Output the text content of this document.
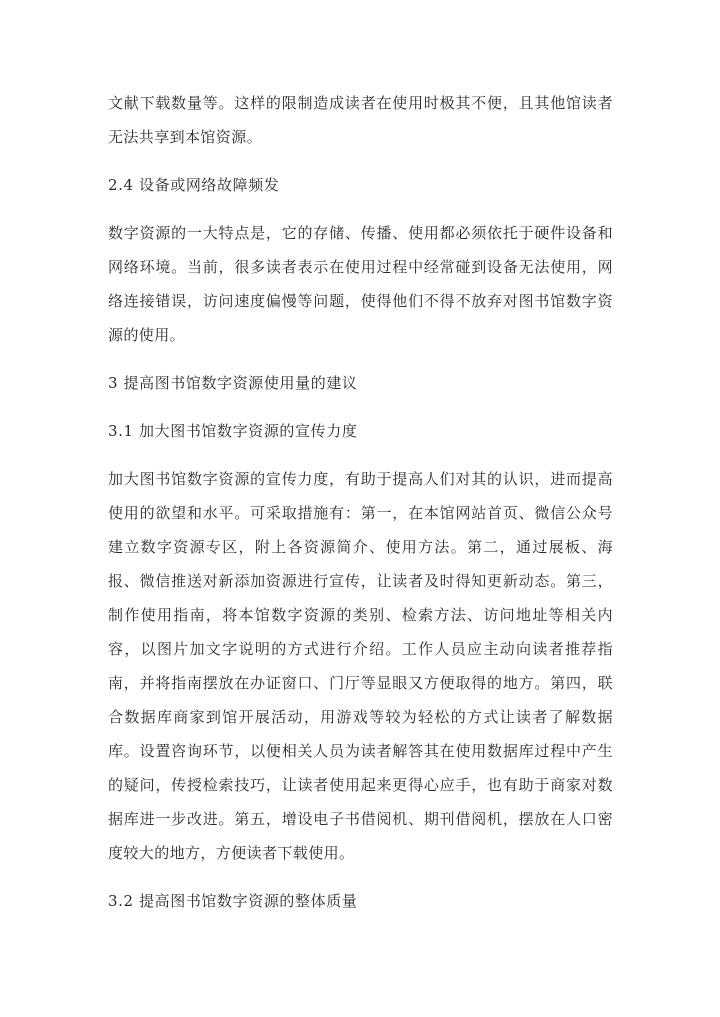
文献下载数量等。这样的限制造成读者在使用时极其不便，且其他馆读者无法共享到本馆资源。

2.4 设备或网络故障频发

数字资源的一大特点是，它的存储、传播、使用都必须依托于硬件设备和网络环境。当前，很多读者表示在使用过程中经常碰到设备无法使用，网络连接错误，访问速度偏慢等问题，使得他们不得不放弃对图书馆数字资源的使用。

3 提高图书馆数字资源使用量的建议

3.1 加大图书馆数字资源的宣传力度

加大图书馆数字资源的宣传力度，有助于提高人们对其的认识，进而提高使用的欲望和水平。可采取措施有：第一，在本馆网站首页、微信公众号建立数字资源专区，附上各资源简介、使用方法。第二，通过展板、海报、微信推送对新添加资源进行宣传，让读者及时得知更新动态。第三，制作使用指南，将本馆数字资源的类别、检索方法、访问地址等相关内容，以图片加文字说明的方式进行介绍。工作人员应主动向读者推荐指南，并将指南摆放在办证窗口、门厅等显眼又方便取得的地方。第四，联合数据库商家到馆开展活动，用游戏等较为轻松的方式让读者了解数据库。设置咨询环节，以便相关人员为读者解答其在使用数据库过程中产生的疑问，传授检索技巧，让读者使用起来更得心应手，也有助于商家对数据库进一步改进。第五，增设电子书借阅机、期刊借阅机，摆放在人口密度较大的地方，方便读者下载使用。

3.2 提高图书馆数字资源的整体质量
